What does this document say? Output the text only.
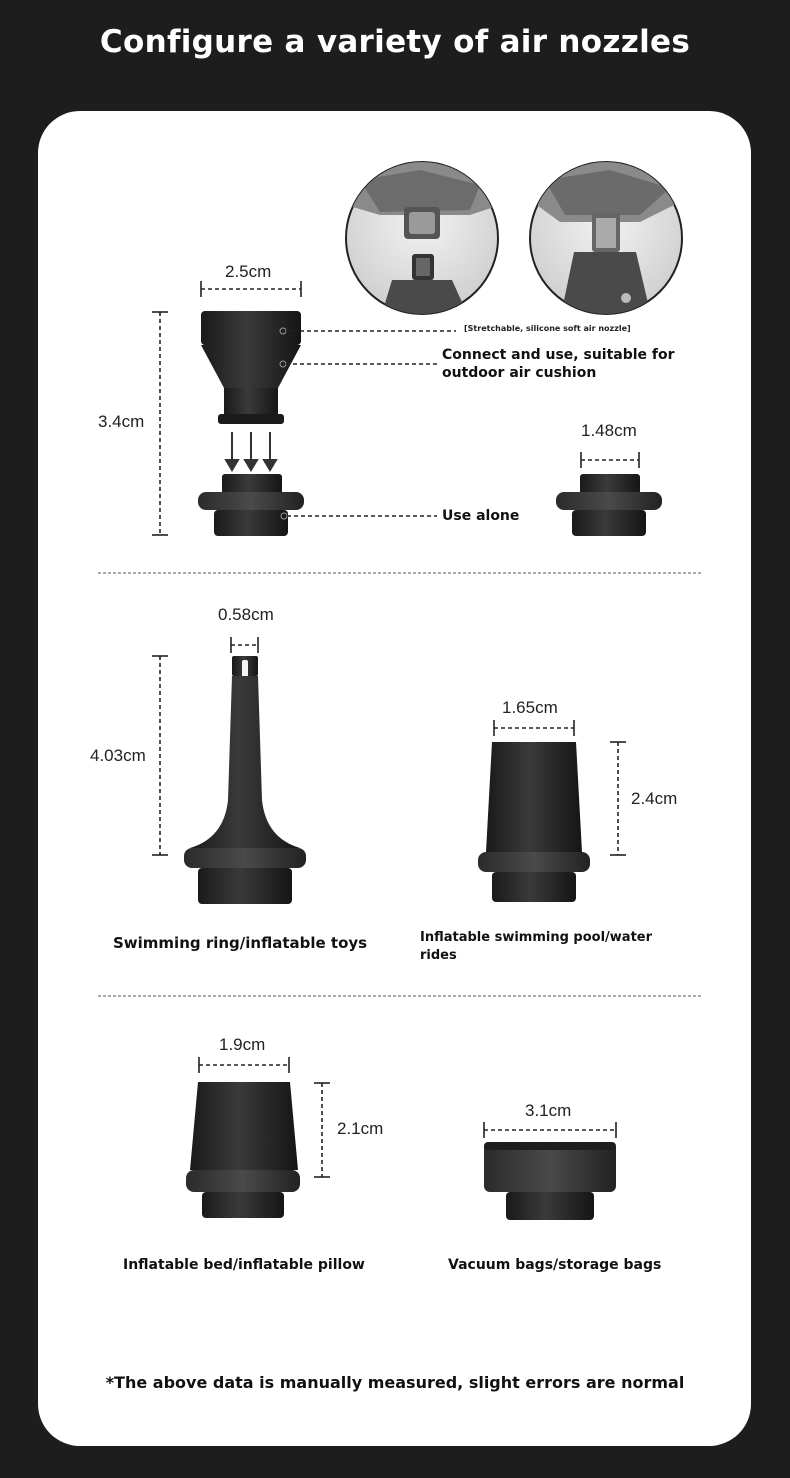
Configure a variety of air nozzles
2.5cm
3.4cm	1.48cm
[Stretchable, silicone soft air nozzle]
Connect and use, suitable for
outdoor air cushion
Use alone
0.58cm
4.03cm
1.65cm
2.4cm
Swimming ring/inflatable toys	Inflatable swimming pool/water
rides
1.9cm
2.1cm
3.1cm
Inflatable bed/inflatable pillow	Vacuum bags/storage bags
*The above data is manually measured, slight errors are normal
